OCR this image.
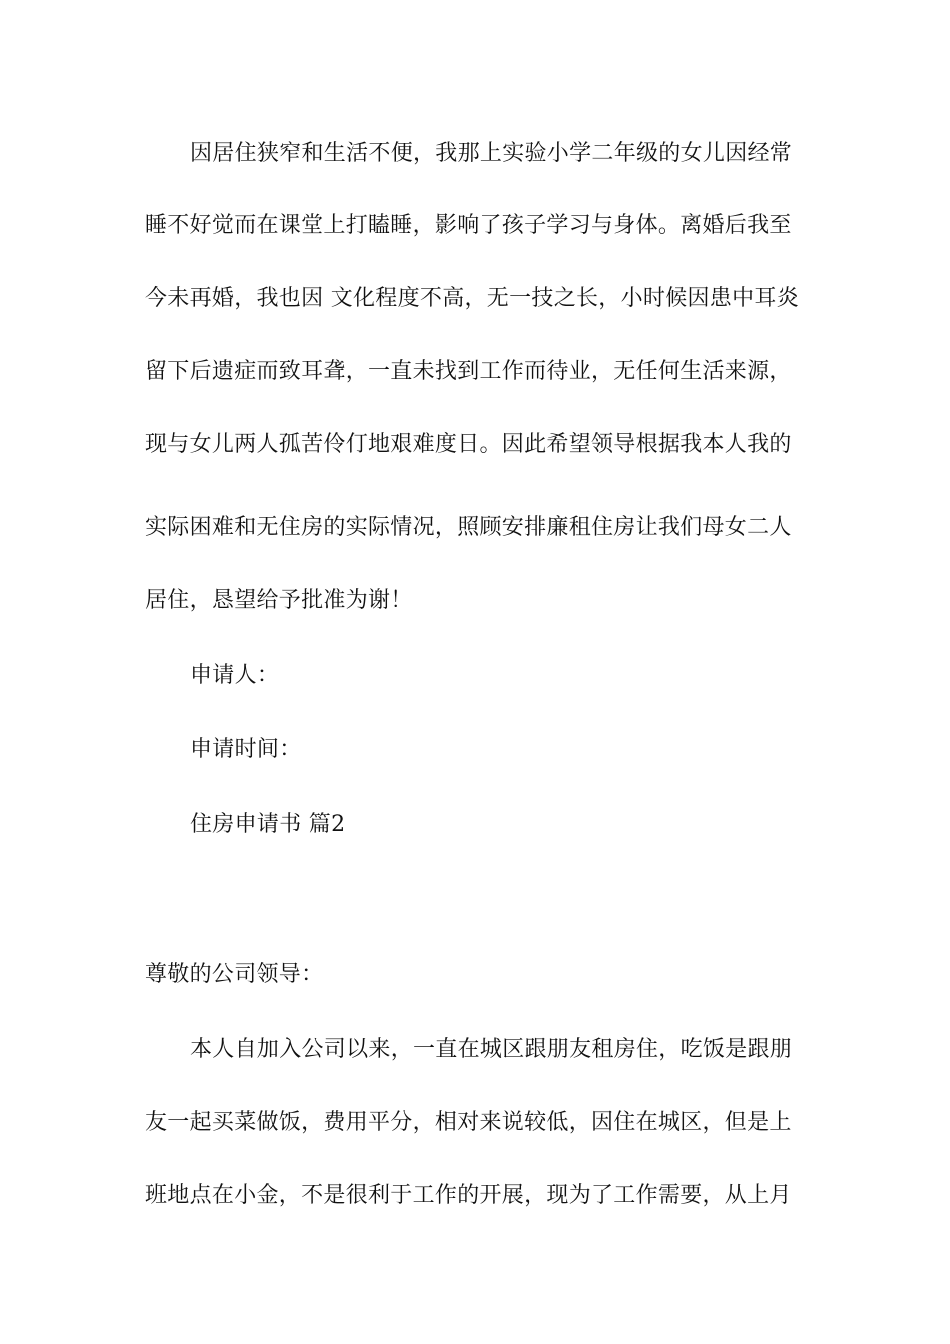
因居住狭窄和生活不便，我那上实验小学二年级的女儿因经常
睡不好觉而在课堂上打瞌睡，影响了孩子学习与身体。离婚后我至
今未再婚，我也因 文化程度不高，无一技之长，小时候因患中耳炎
留下后遗症而致耳聋，一直未找到工作而待业，无任何生活来源，
现与女儿两人孤苦伶仃地艰难度日。因此希望领导根据我本人我的
实际困难和无住房的实际情况，照顾安排廉租住房让我们母女二人
居住，恳望给予批准为谢！
申请人：
申请时间：
住房申请书 篇2
尊敬的公司领导：
本人自加入公司以来，一直在城区跟朋友租房住，吃饭是跟朋
友一起买菜做饭，费用平分，相对来说较低，因住在城区，但是上
班地点在小金，不是很利于工作的开展，现为了工作需要，从上月
